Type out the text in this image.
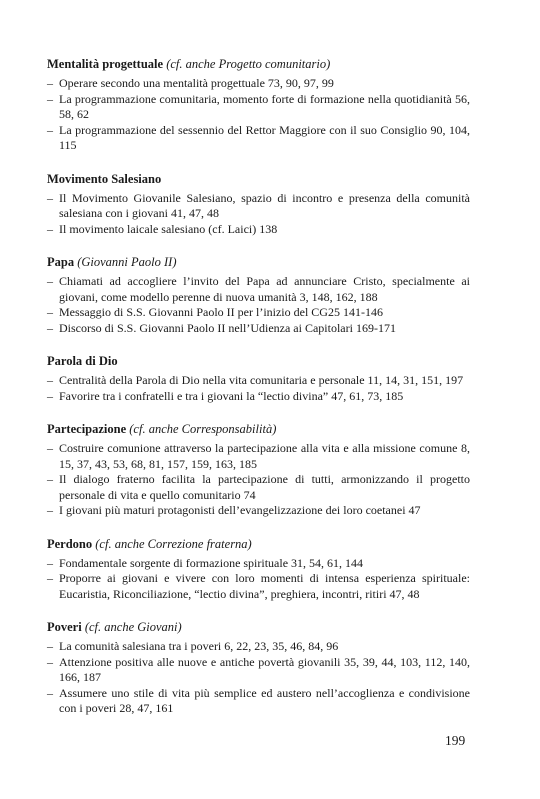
Mentalità progettuale (cf. anche Progetto comunitario)
– Operare secondo una mentalità progettuale 73, 90, 97, 99
– La programmazione comunitaria, momento forte di formazione nella quotidianità 56, 58, 62
– La programmazione del sessennio del Rettor Maggiore con il suo Consiglio 90, 104, 115
Movimento Salesiano
– Il Movimento Giovanile Salesiano, spazio di incontro e presenza della comunità salesiana con i giovani 41, 47, 48
– Il movimento laicale salesiano (cf. Laici) 138
Papa (Giovanni Paolo II)
– Chiamati ad accogliere l’invito del Papa ad annunciare Cristo, specialmente ai giovani, come modello perenne di nuova umanità 3, 148, 162, 188
– Messaggio di S.S. Giovanni Paolo II per l’inizio del CG25 141-146
– Discorso di S.S. Giovanni Paolo II nell’Udienza ai Capitolari 169-171
Parola di Dio
– Centralità della Parola di Dio nella vita comunitaria e personale 11, 14, 31, 151, 197
– Favorire tra i confratelli e tra i giovani la “lectio divina” 47, 61, 73, 185
Partecipazione (cf. anche Corresponsabilità)
– Costruire comunione attraverso la partecipazione alla vita e alla missione comune 8, 15, 37, 43, 53, 68, 81, 157, 159, 163, 185
– Il dialogo fraterno facilita la partecipazione di tutti, armonizzando il progetto personale di vita e quello comunitario 74
– I giovani più maturi protagonisti dell’evangelizzazione dei loro coetanei 47
Perdono (cf. anche Correzione fraterna)
– Fondamentale sorgente di formazione spirituale 31, 54, 61, 144
– Proporre ai giovani e vivere con loro momenti di intensa esperienza spirituale: Eucaristia, Riconciliazione, “lectio divina”, preghiera, incontri, ritiri 47, 48
Poveri (cf. anche Giovani)
– La comunità salesiana tra i poveri 6, 22, 23, 35, 46, 84, 96
– Attenzione positiva alle nuove e antiche povertà giovanili 35, 39, 44, 103, 112, 140, 166, 187
– Assumere uno stile di vita più semplice ed austero nell’accoglienza e condivisione con i poveri 28, 47, 161
199
